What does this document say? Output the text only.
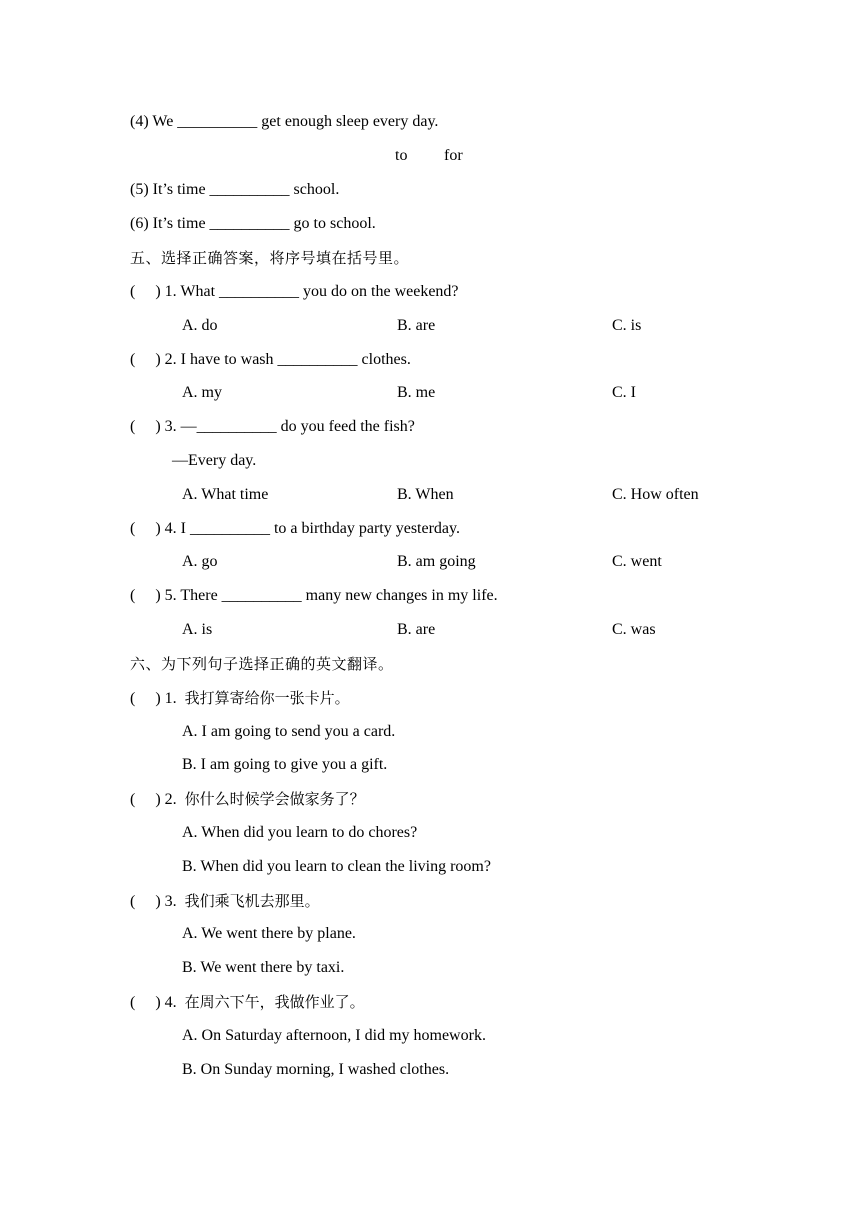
(4) We __________ get enough sleep every day.
to for
(5) It’s time __________ school.
(6) It’s time __________ go to school.
五、选择正确答案，将序号填在括号里。
(     ) 1. What __________ you do on the weekend?
A. do	B. are	C. is
(     ) 2. I have to wash __________ clothes.
A. my	B. me	C. I
(     ) 3. —__________ do you feed the fish?
—Every day.
A. What time	B. When	C. How often
(     ) 4. I __________ to a birthday party yesterday.
A. go	B. am going	C. went
(     ) 5. There __________ many new changes in my life.
A. is	B. are	C. was
六、为下列句子选择正确的英文翻译。
(     ) 1.  我打算寄给你一张卡片。
A. I am going to send you a card.
B. I am going to give you a gift.
(     ) 2.  你什么时候学会做家务了？
A. When did you learn to do chores?
B. When did you learn to clean the living room?
(     ) 3.  我们乘飞机去那里。
A. We went there by plane.
B. We went there by taxi.
(     ) 4.  在周六下午，我做作业了。
A. On Saturday afternoon, I did my homework.
B. On Sunday morning, I washed clothes.
